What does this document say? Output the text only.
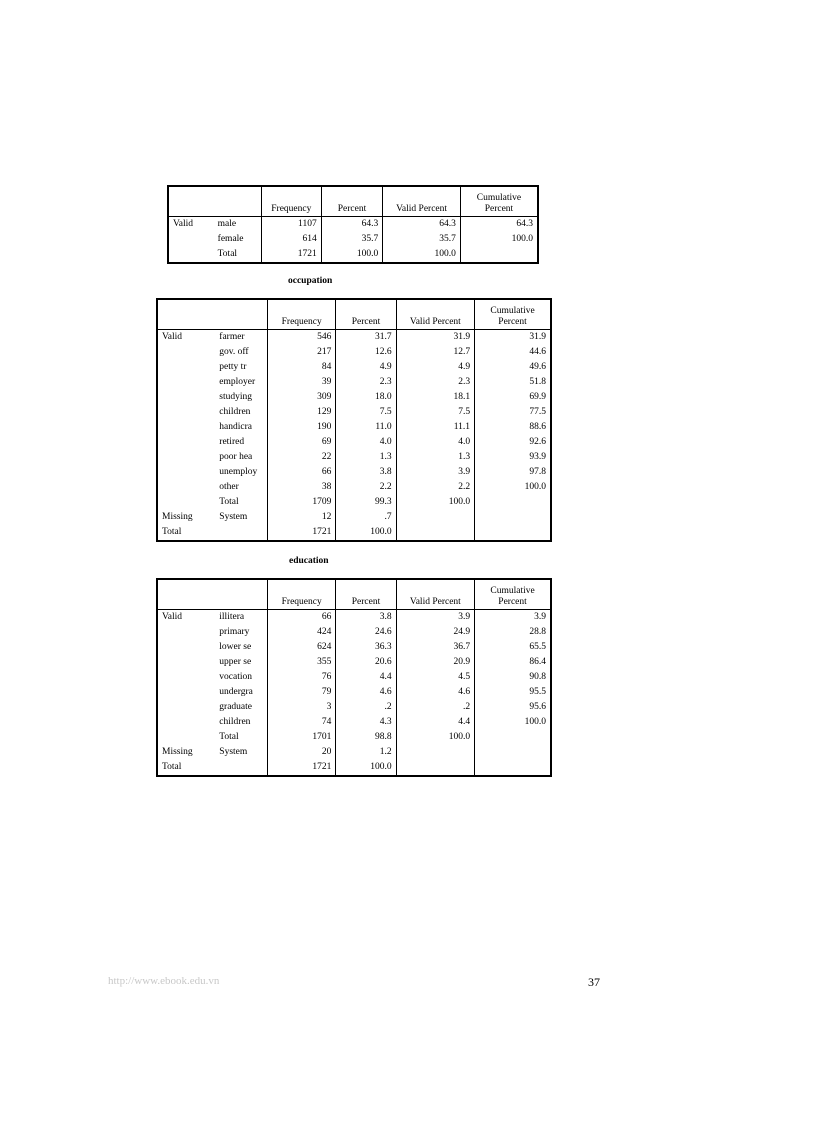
		Frequency	Percent	Valid Percent	Cumulative
Percent
Valid	male	1107	64.3	64.3	64.3
	female	614	35.7	35.7	100.0
	Total	1721	100.0	100.0	
occupation
		Frequency	Percent	Valid Percent	Cumulative
Percent
Valid	farmer	546	31.7	31.9	31.9
	gov. off	217	12.6	12.7	44.6
	petty tr	84	4.9	4.9	49.6
	employer	39	2.3	2.3	51.8
	studying	309	18.0	18.1	69.9
	children	129	7.5	7.5	77.5
	handicra	190	11.0	11.1	88.6
	retired	69	4.0	4.0	92.6
	poor hea	22	1.3	1.3	93.9
	unemploy	66	3.8	3.9	97.8
	other	38	2.2	2.2	100.0
	Total	1709	99.3	100.0	
Missing	System	12	.7		
Total		1721	100.0		
education
		Frequency	Percent	Valid Percent	Cumulative
Percent
Valid	illitera	66	3.8	3.9	3.9
	primary	424	24.6	24.9	28.8
	lower se	624	36.3	36.7	65.5
	upper se	355	20.6	20.9	86.4
	vocation	76	4.4	4.5	90.8
	undergra	79	4.6	4.6	95.5
	graduate	3	.2	.2	95.6
	children	74	4.3	4.4	100.0
	Total	1701	98.8	100.0	
Missing	System	20	1.2		
Total		1721	100.0		
http://www.ebook.edu.vn	37
